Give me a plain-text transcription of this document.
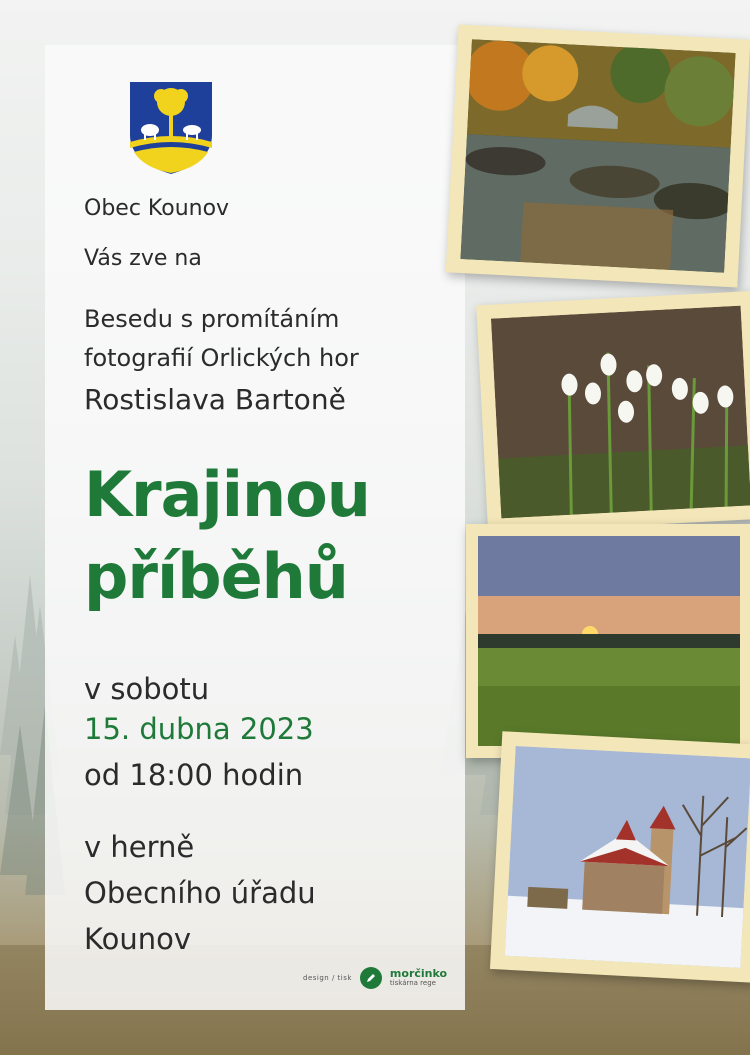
Obec Kounov
Vás zve na
Besedu s promítáním
fotografií Orlických hor
Rostislava Bartoně
Krajinou
příběhů
v sobotu
15. dubna 2023
od 18:00 hodin
v herně
Obecního úřadu
Kounov
design / tisk	morčinko
tiskárna rege
